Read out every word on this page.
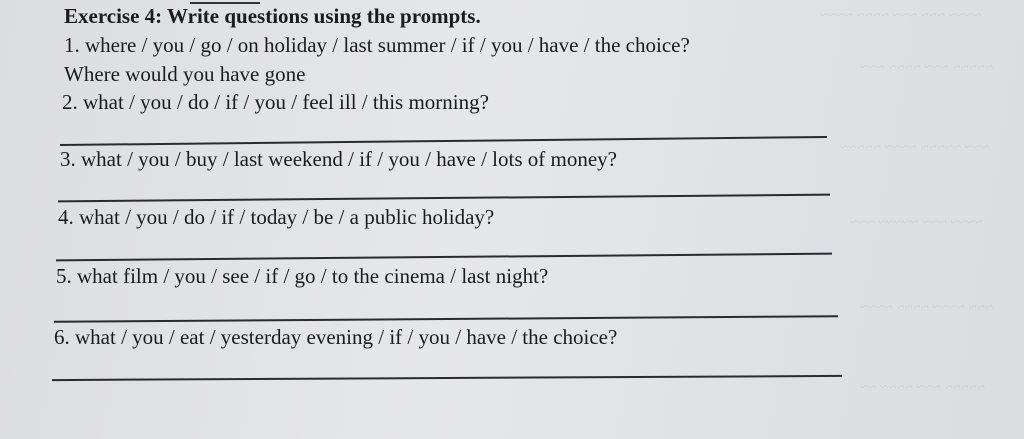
~~~~ ~~~ ~~~ ~~~~ ~~~~
~~~~~ ~~~ ~~~~ ~~~
~~~ ~~~~~ ~~~~ ~~~~~
~~~~ ~~~ ~~~~~ ~~~
~~~ ~~~~ ~~~~ ~~~~
~~~~~ ~~~ ~~~~ ~~
Exercise 4: Write questions using the prompts.
1. where / you / go / on holiday / last summer / if / you / have / the choice?
Where would you have gone
2. what / you / do / if / you / feel ill / this morning?
3. what / you / buy / last weekend / if / you / have / lots of money?
4. what / you / do / if / today / be / a public holiday?
5. what film / you / see / if / go / to the cinema / last night?
6. what / you / eat / yesterday evening / if / you / have / the choice?
